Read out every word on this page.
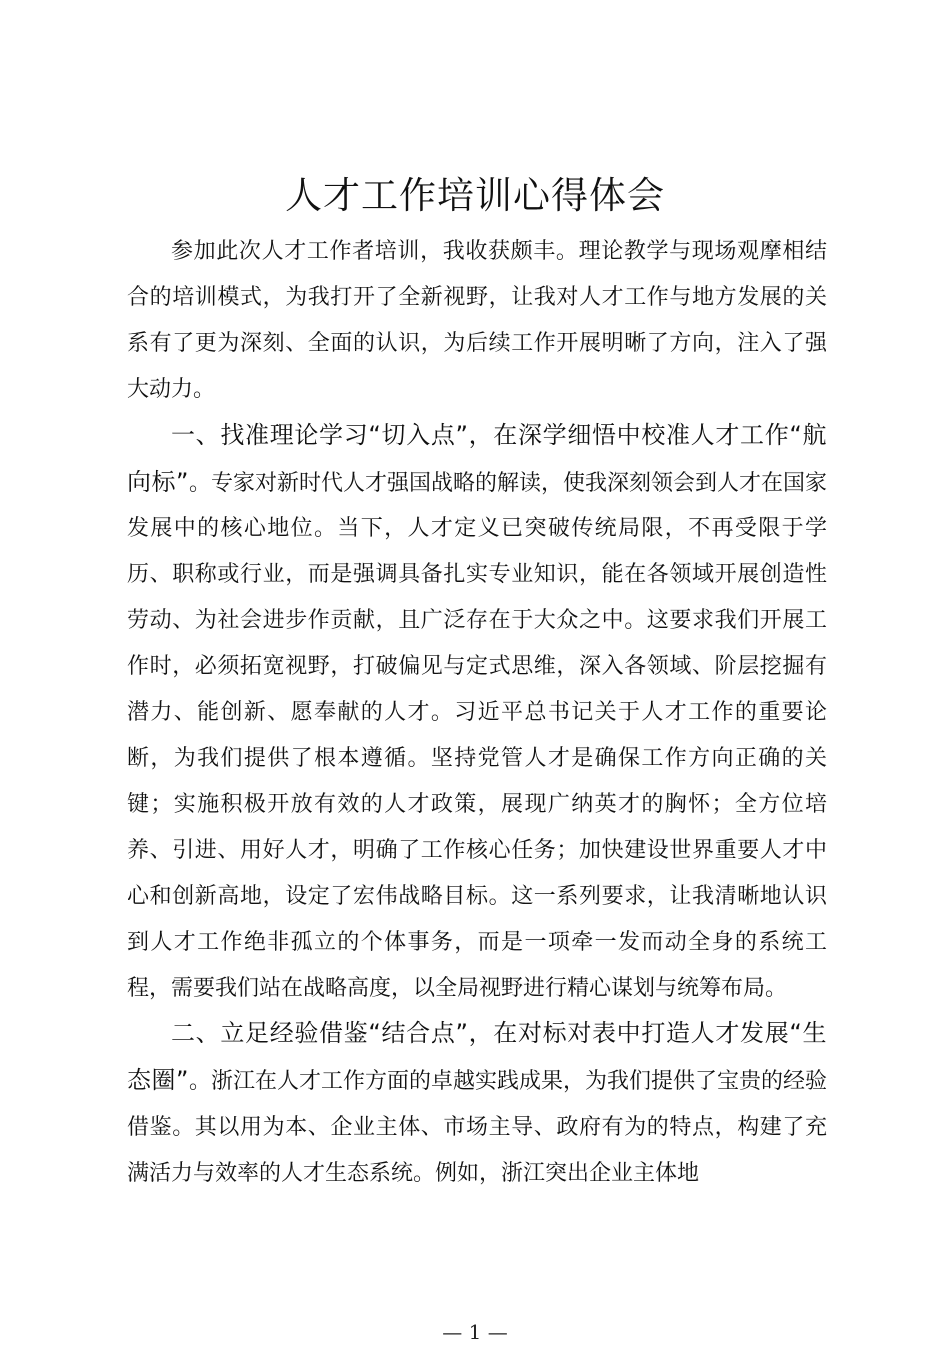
人才工作培训心得体会

参加此次人才工作者培训，我收获颇丰。理论教学与现场观摩相结合的培训模式，为我打开了全新视野，让我对人才工作与地方发展的关系有了更为深刻、全面的认识，为后续工作开展明晰了方向，注入了强大动力。

一、找准理论学习“切入点”，在深学细悟中校准人才工作“航向标”。专家对新时代人才强国战略的解读，使我深刻领会到人才在国家发展中的核心地位。当下，人才定义已突破传统局限，不再受限于学历、职称或行业，而是强调具备扎实专业知识，能在各领域开展创造性劳动、为社会进步作贡献，且广泛存在于大众之中。这要求我们开展工作时，必须拓宽视野，打破偏见与定式思维，深入各领域、阶层挖掘有潜力、能创新、愿奉献的人才。习近平总书记关于人才工作的重要论断，为我们提供了根本遵循。坚持党管人才是确保工作方向正确的关键；实施积极开放有效的人才政策，展现广纳英才的胸怀；全方位培养、引进、用好人才，明确了工作核心任务；加快建设世界重要人才中心和创新高地，设定了宏伟战略目标。这一系列要求，让我清晰地认识到人才工作绝非孤立的个体事务，而是一项牵一发而动全身的系统工程，需要我们站在战略高度，以全局视野进行精心谋划与统筹布局。

二、立足经验借鉴“结合点”，在对标对表中打造人才发展“生态圈”。浙江在人才工作方面的卓越实践成果，为我们提供了宝贵的经验借鉴。其以用为本、企业主体、市场主导、政府有为的特点，构建了充满活力与效率的人才生态系统。例如，浙江突出企业主体地

— 1 —
